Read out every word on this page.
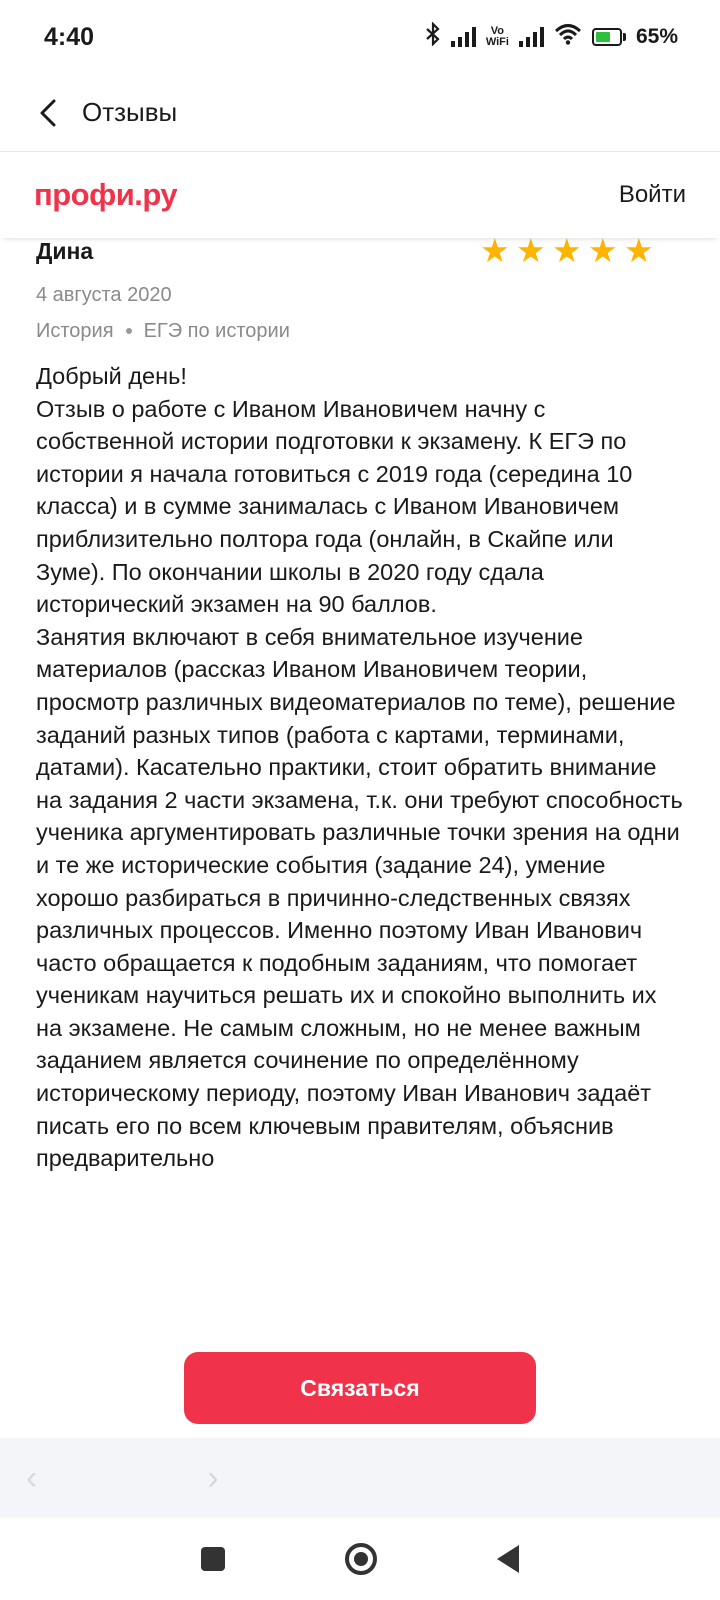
4:40	Vo
WiFi	65%
Отзывы
профи.ру	Войти
Дина	★ ★ ★ ★ ★
4 августа 2020
История ЕГЭ по истории
Добрый день!
Отзыв о работе с Иваном Ивановичем начну с собственной истории подготовки к экзамену. К ЕГЭ по истории я начала готовиться с 2019 года (середина 10 класса) и в сумме занималась с Иваном Ивановичем приблизительно полтора года (онлайн, в Скайпе или Зуме). По окончании школы в 2020 году сдала исторический экзамен на 90 баллов.
Занятия включают в себя внимательное изучение материалов (рассказ Иваном Ивановичем теории, просмотр различных видеоматериалов по теме), решение заданий разных типов (работа с картами, терминами, датами). Касательно практики, стоит обратить внимание на задания 2 части экзамена, т.к. они требуют способность ученика аргументировать различные точки зрения на одни и те же исторические события (задание 24), умение хорошо разбираться в причинно-следственных связях различных процессов. Именно поэтому Иван Иванович часто обращается к подобным заданиям, что помогает ученикам научиться решать их и спокойно выполнить их на экзамене. Не самым сложным, но не менее важным заданием является сочинение по определённому историческому периоду, поэтому Иван Иванович задаёт писать его по всем ключевым правителям, объяснив предварительно
Связаться
‹	›
